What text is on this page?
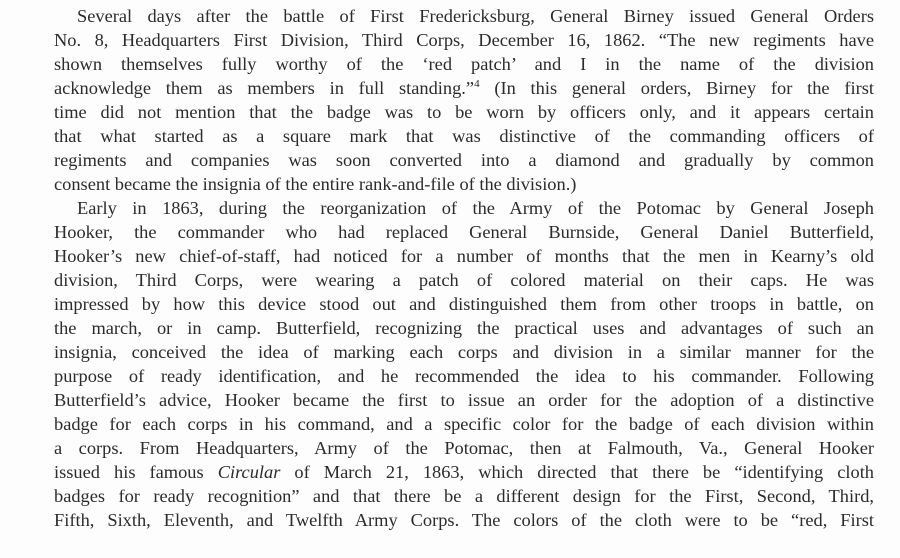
Several days after the battle of First Fredericksburg, General Birney issued General Orders
No. 8, Headquarters First Division, Third Corps, December 16, 1862. “The new regiments have
shown themselves fully worthy of the ‘red patch’ and I in the name of the division
acknowledge them as members in full standing.”$^4$ (In this general orders, Birney for the first
time did not mention that the badge was to be worn by officers only, and it appears certain
that what started as a square mark that was distinctive of the commanding officers of
regiments and companies was soon converted into a diamond and gradually by common
consent became the insignia of the entire rank-and-file of the division.)
Early in 1863, during the reorganization of the Army of the Potomac by General Joseph
Hooker, the commander who had replaced General Burnside, General Daniel Butterfield,
Hooker’s new chief-of-staff, had noticed for a number of months that the men in Kearny’s old
division, Third Corps, were wearing a patch of colored material on their caps. He was
impressed by how this device stood out and distinguished them from other troops in battle, on
the march, or in camp. Butterfield, recognizing the practical uses and advantages of such an
insignia, conceived the idea of marking each corps and division in a similar manner for the
purpose of ready identification, and he recommended the idea to his commander. Following
Butterfield’s advice, Hooker became the first to issue an order for the adoption of a distinctive
badge for each corps in his command, and a specific color for the badge of each division within
a corps. From Headquarters, Army of the Potomac, then at Falmouth, Va., General Hooker
issued his famous Circular of March 21, 1863, which directed that there be “identifying cloth
badges for ready recognition” and that there be a different design for the First, Second, Third,
Fifth, Sixth, Eleventh, and Twelfth Army Corps. The colors of the cloth were to be “red, First
